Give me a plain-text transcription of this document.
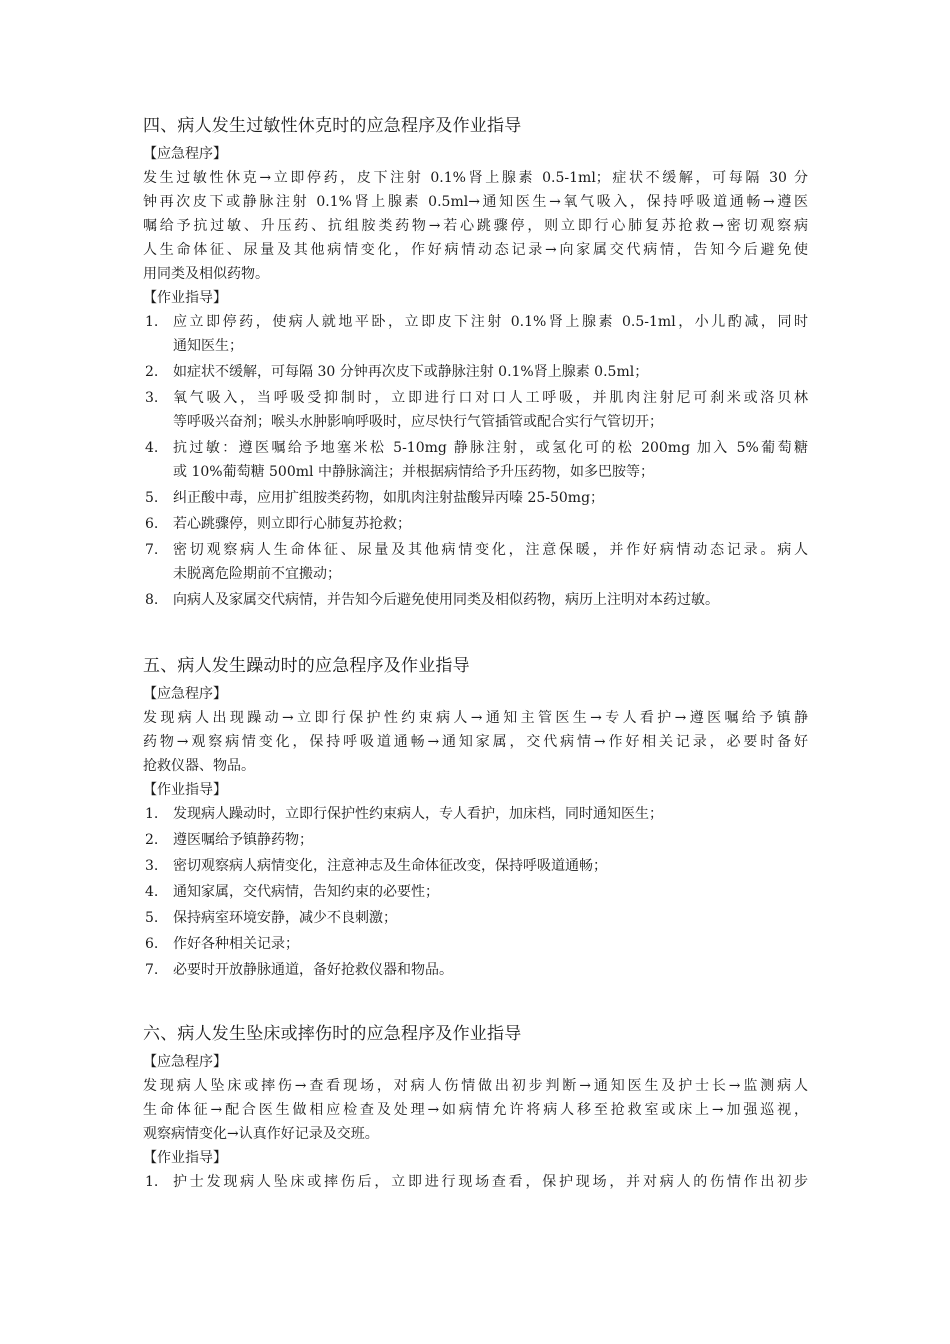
四、病人发生过敏性休克时的应急程序及作业指导
【应急程序】
发生过敏性休克→立即停药，皮下注射 0.1%肾上腺素 0.5-1ml；症状不缓解，可每隔 30 分
钟再次皮下或静脉注射 0.1%肾上腺素 0.5ml→通知医生→氧气吸入，保持呼吸道通畅→遵医
嘱给予抗过敏、升压药、抗组胺类药物→若心跳骤停，则立即行心肺复苏抢救→密切观察病
人生命体征、尿量及其他病情变化，作好病情动态记录→向家属交代病情，告知今后避免使
用同类及相似药物。
【作业指导】
1.	应立即停药，使病人就地平卧，立即皮下注射 0.1%肾上腺素 0.5-1ml，小儿酌减，同时
通知医生；
2.	如症状不缓解，可每隔 30 分钟再次皮下或静脉注射 0.1%肾上腺素 0.5ml；
3.	氧气吸入，当呼吸受抑制时，立即进行口对口人工呼吸，并肌肉注射尼可刹米或洛贝林
等呼吸兴奋剂；喉头水肿影响呼吸时，应尽快行气管插管或配合实行气管切开；
4.	抗过敏：遵医嘱给予地塞米松 5-10mg 静脉注射，或氢化可的松 200mg 加入 5%葡萄糖
或 10%葡萄糖 500ml 中静脉滴注；并根据病情给予升压药物，如多巴胺等；
5.	纠正酸中毒，应用扩组胺类药物，如肌肉注射盐酸异丙嗪 25-50mg；
6.	若心跳骤停，则立即行心肺复苏抢救；
7.	密切观察病人生命体征、尿量及其他病情变化，注意保暖，并作好病情动态记录。病人
未脱离危险期前不宜搬动；
8.	向病人及家属交代病情，并告知今后避免使用同类及相似药物，病历上注明对本药过敏。
五、病人发生躁动时的应急程序及作业指导
【应急程序】
发现病人出现躁动→立即行保护性约束病人→通知主管医生→专人看护→遵医嘱给予镇静
药物→观察病情变化，保持呼吸道通畅→通知家属，交代病情→作好相关记录，必要时备好
抢救仪器、物品。
【作业指导】
1.	发现病人躁动时，立即行保护性约束病人，专人看护，加床档，同时通知医生；
2.	遵医嘱给予镇静药物；
3.	密切观察病人病情变化，注意神志及生命体征改变，保持呼吸道通畅；
4.	通知家属，交代病情，告知约束的必要性；
5.	保持病室环境安静，减少不良刺激；
6.	作好各种相关记录；
7.	必要时开放静脉通道，备好抢救仪器和物品。
六、病人发生坠床或摔伤时的应急程序及作业指导
【应急程序】
发现病人坠床或摔伤→查看现场，对病人伤情做出初步判断→通知医生及护士长→监测病人
生命体征→配合医生做相应检查及处理→如病情允许将病人移至抢救室或床上→加强巡视，
观察病情变化→认真作好记录及交班。
【作业指导】
1.	护士发现病人坠床或摔伤后，立即进行现场查看，保护现场，并对病人的伤情作出初步
